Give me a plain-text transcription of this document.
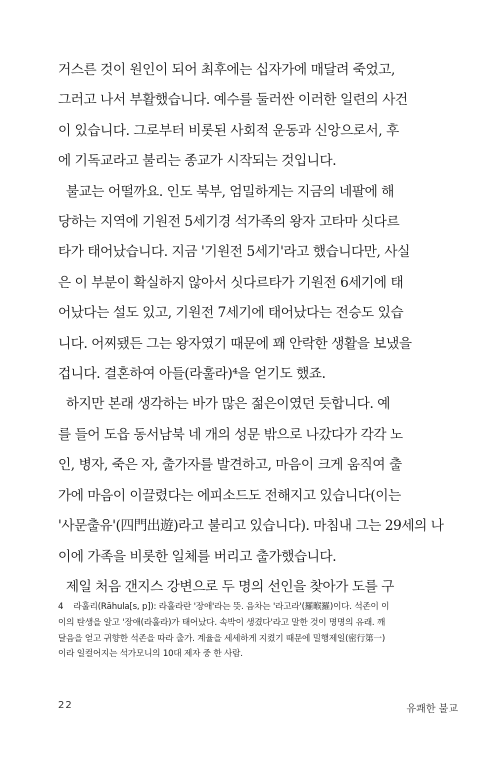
거스른 것이 원인이 되어 최후에는 십자가에 매달려 죽었고,
그러고 나서 부활했습니다. 예수를 둘러싼 이러한 일련의 사건
이 있습니다. 그로부터 비롯된 사회적 운동과 신앙으로서, 후
에 기독교라고 불리는 종교가 시작되는 것입니다.
불교는 어떨까요. 인도 북부, 엄밀하게는 지금의 네팔에 해
당하는 지역에 기원전 5세기경 석가족의 왕자 고타마 싯다르
타가 태어났습니다. 지금 '기원전 5세기'라고 했습니다만, 사실
은 이 부분이 확실하지 않아서 싯다르타가 기원전 6세기에 태
어났다는 설도 있고, 기원전 7세기에 태어났다는 전승도 있습
니다. 어찌됐든 그는 왕자였기 때문에 꽤 안락한 생활을 보냈을
겁니다. 결혼하여 아들(라훌라)⁴을 얻기도 했죠.
하지만 본래 생각하는 바가 많은 젊은이였던 듯합니다. 예
를 들어 도읍 동서남북 네 개의 성문 밖으로 나갔다가 각각 노
인, 병자, 죽은 자, 출가자를 발견하고, 마음이 크게 움직여 출
가에 마음이 이끌렸다는 에피소드도 전해지고 있습니다(이는
'사문출유'(四門出遊)라고 불리고 있습니다). 마침내 그는 29세의 나
이에 가족을 비롯한 일체를 버리고 출가했습니다.
제일 처음 갠지스 강변으로 두 명의 선인을 찾아가 도를 구
4 라훌리(Rāhula[s, p]): 라훌라란 '장애'라는 뜻. 음차는 '라고라'(羅睺羅)이다. 석존이 이
이의 탄생을 알고 '장애(라훌라)가 태어났다. 속박이 생겼다'라고 말한 것이 명명의 유래. 깨
달음을 얻고 귀향한 석존을 따라 출가. 계율을 세세하게 지켰기 때문에 밀행제일(密行第一)
이라 일컬어지는 석가모니의 10대 제자 중 한 사람.
22	유쾌한 불교
